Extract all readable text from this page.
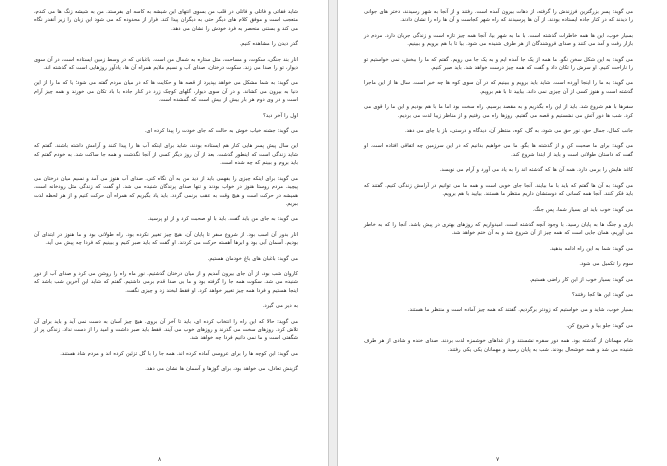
شاید فقاتی و فاتلی و فاتلی در قلب من بسوی انتهای این شیشه به کاسه ای بفرستد. من به شیشه زنگ ها می کندم، متعجب است و موفق کلام های دیگر حتی به دیگران پیدا کند. فرار از محدوده که می شود این زبان را زیر آنقدر نگاه می کند و بستنی منحصر به فرد خودش را نشان می دهد.

گذر دیدن را مشاهده کنیم.

انار بند جنگی، سکوت، و مساحت، مثل ستاره به شمال من است. باغبانی که در وسط زمین ایستاده است، در آن سوی دیوار، تو را صدا می زند. سکوت درختان، صدای آب و نسیم ملایم همراه آن ها، یادآور روزهایی است که گذشته اند.

می گوید: به شما مشکل می خواهد بپذیرد از قصه ها و حکایت ها که در میان مردم گفته می شود؛ یا که ما را از این دنیا به بیرون می کشاند. و در آن سوی دیوار، گلهای کوچک زرد در کنار جاده با باد تکان می خورند و همه چیز آرام است و در وی دوم هر بار بیش از بیش است که گمشده است.

اول را آخر دید؟

می گوید: جشنه خیاب خوش به حالت که جای خودت را پیدا کرده ای.

این سال پیش پسر هایی کنار هم ایستاده بودند، شاید برای اینکه آب ها را پیدا کنند و آرامش داشته باشند. گفتم که شاید زندگی است که اینطور گذشت. بعد از آن روز دیگر کسی از آنجا نگذشت و همه جا ساکت شد. به خودم گفتم که باید بروم و ببینم که چه شده است.

می گوید: برای اینکه چیزی را بفهمی باید از دید من به آن نگاه کنی. صدای آب هنوز می آمد و نسیم میان درختان می پیچید. مردم روستا هنوز در خواب بودند و تنها صدای پرندگان شنیده می شد. او گفت که زندگی مثل رودخانه است، همیشه در حرکت است و هیچ وقت به عقب برنمی گردد. باید یاد بگیریم که همراه آن حرکت کنیم و از هر لحظه لذت ببریم.

می گوید: به جای من باید گفت. باید با او صحبت کرد و از او پرسید.

انار بدور آن اسب بود. از شروع سفر تا پایان آن، هیچ چیز تغییر نکرده بود. راه طولانی بود و ما هنوز در ابتدای آن بودیم. آسمان آبی بود و ابرها آهسته حرکت می کردند. او گفت که باید صبر کنیم و ببینیم که فردا چه پیش می آید.

می گوید: باغبان های باغ خودمان هستیم.

کاروان شب بود، از آن جای بیرون آمدیم و از میان درختان گذشتیم. نور ماه راه را روشن می کرد و صدای آب از دور شنیده می شد. سکوت همه جا را گرفته بود و ما بی صدا قدم برمی داشتیم. گفتم که شاید این آخرین شب باشد که اینجا هستیم و فردا همه چیز تغییر خواهد کرد. او فقط لبخند زد و چیزی نگفت.

به دیر می گیرد.

می گوید: حالا که این راه را انتخاب کرده ای، باید تا آخر آن بروی. هیچ چیز آسان به دست نمی آید و باید برای آن تلاش کرد. روزهای سخت می گذرند و روزهای خوب می آیند. فقط باید صبر داشت و امید را از دست نداد. زندگی پر از شگفتی است و ما نمی دانیم فردا چه خواهد شد.

می گوید: این کوچه ها را برای عروسی آماده کرده اند. همه جا را با گل تزئین کرده اند و مردم شاد هستند.

گزینش تعادل، می خواهد بود، برای گوزها و آسمان ها نشان می دهد.

۸

می گوید: پسر بزرگترین فرزندش را گرفته، از دهات بیرون آمده است. رفتند و از آنجا به شهر رسیدند، دختر های جوانی را دیدند که در کنار جاده ایستاده بودند. از آن ها پرسیدند که راه شهر کجاست و آن ها راه را نشان دادند.

بسیار خوب، این ها همه خاطرات گذشته است. با ما به شهر بیا، آنجا همه چیز تازه است و زندگی جریان دارد. مردم در بازار رفت و آمد می کنند و صدای فروشندگان از هر طرف شنیده می شود. بیا تا با هم برویم و ببینیم.

می گوید: به این شکل سخن نگو. ما همه از یک جا آمده ایم و به یک جا می رویم. گفتم که ما را ببخش، نمی خواستیم تو را ناراحت کنیم. او سرش را تکان داد و گفت که همه چیز درست خواهد شد. باید صبر کنیم.

می گوید: به ما را اینجا آورده است. شاید باید برویم و ببینیم که در آن سوی کوه ها چه خبر است. سال ها از این ماجرا گذشته است و هنوز کسی از آن چیزی نمی داند. بیایید تا با هم برویم.

سفرها با هم شروع شد. باید از این راه بگذریم و به مقصد برسیم. راه سخت بود اما ما با هم بودیم و این ما را قوی می کرد. شب ها دور آتش می نشستیم و قصه می گفتیم. روزها راه می رفتیم و از مناظر زیبا لذت می بردیم.

جانب کمال، جمال حق، نور حق می شود، به گل، کوه، منتظر آن، دیدگاه و درستی، باز یا چای می دهد.

می گوید: برای ما صحبت کن و از گذشته ها بگو. ما می خواهیم بدانیم که در این سرزمین چه اتفاقی افتاده است. او گفت که داستان طولانی است و باید از ابتدا شروع کند.

کاغذ هایش را برمی دارد. همه آن ها که گذشته اند را به یاد می آورد و آرام می نویسد.

می گوید: به آن ها گفتم که باید با ما بیایند. آنجا جای خوبی است و همه ما می توانیم در آرامش زندگی کنیم. گفتند که باید فکر کنند. آنجا همه کسانی که دوستشان داریم منتظر ما هستند. بیایید با هم برویم.

می گوید: خوب باید ای بسیار شما، پس جنگ.

بازی و جنگ ها به پایان رسید. با وجود آنچه گذشته است، امیدواریم که روزهای بهتری در پیش باشد. آنجا را که به خاطر می آوریم، همان جایی است که همه چیز از آن شروع شد و به آن ختم خواهد شد.

می گوید: شما به این راه ادامه بدهید.

سوم را تکمیل می شود.

می گوید: بسیار خوب از این کار راضی هستیم.

می گوید: این ها کجا رفتند؟

بسیار خوب، شاید و می خواستیم که زودتر برگردیم. گفتند که همه چیز آماده است و منتظر ما هستند.

می گوید: جلو بیا و شروع کن.

شام مهمانان از گذشته بود. همه دور سفره نشستند و از غذاهای خوشمزه لذت بردند. صدای خنده و شادی از هر طرف شنیده می شد و همه خوشحال بودند. شب به پایان رسید و مهمانان یکی یکی رفتند.

۷
